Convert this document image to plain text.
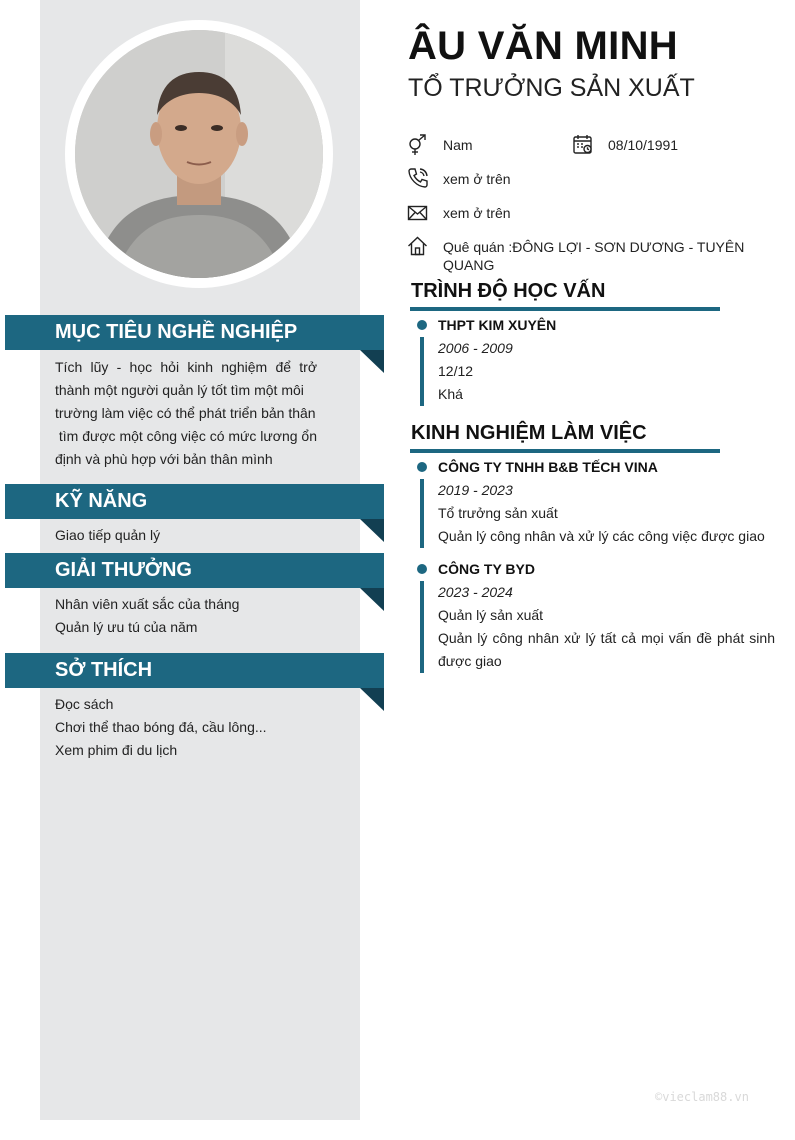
MỤC TIÊU NGHỀ NGHIỆP
Tích lũy - học hỏi kinh nghiệm để trở
thành một người quản lý tốt tìm một môi
trường làm việc có thể phát triển bản thân
tìm được một công việc có mức lương ổn
định và phù hợp với bản thân mình
KỸ NĂNG
Giao tiếp quản lý
GIẢI THƯỞNG
Nhân viên xuất sắc của tháng
Quản lý ưu tú của năm
SỞ THÍCH
Đọc sách
Chơi thể thao bóng đá, cầu lông...
Xem phim đi du lịch
ÂU VĂN MINH
TỔ TRƯỞNG SẢN XUẤT
Nam	08/10/1991
xem ở trên
xem ở trên
Quê quán :ĐÔNG LỢI - SƠN DƯƠNG - TUYÊN QUANG
TRÌNH ĐỘ HỌC VẤN
THPT KIM XUYÊN
2006 - 2009
12/12
Khá
KINH NGHIỆM LÀM VIỆC
CÔNG TY TNHH B&B TẾCH VINA
2019 - 2023
Tổ trưởng sản xuất
Quản lý công nhân và xử lý các công việc được giao
CÔNG TY BYD
2023 - 2024
Quản lý sản xuất
Quản lý công nhân xử lý tất cả mọi vấn đề phát sinh
được giao
©vieclam88.vn
